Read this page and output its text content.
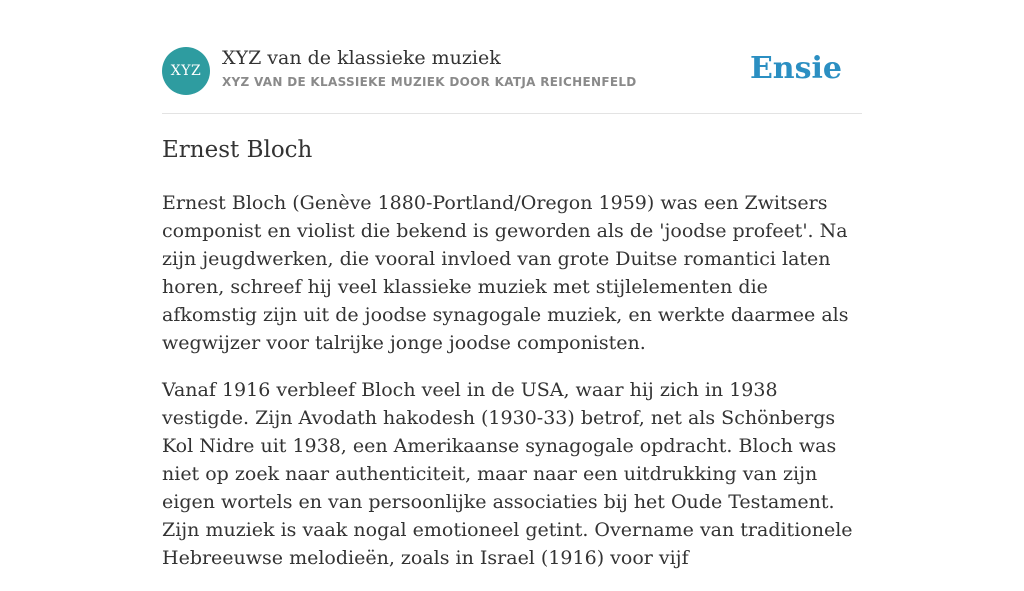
XYZ
XYZ van de klassieke muziek
XYZ VAN DE KLASSIEKE MUZIEK DOOR KATJA REICHENFELD	Ensie
Ernest Bloch

Ernest Bloch (Genève 1880-Portland/Oregon 1959) was een Zwitsers componist en violist die bekend is geworden als de 'joodse profeet'. Na zijn jeugdwerken, die vooral invloed van grote Duitse romantici laten horen, schreef hij veel klassieke muziek met stijlelementen die afkomstig zijn uit de joodse synagogale muziek, en werkte daarmee als wegwijzer voor talrijke jonge joodse componisten.

Vanaf 1916 verbleef Bloch veel in de USA, waar hij zich in 1938 vestigde. Zijn Avodath hakodesh (1930-33) betrof, net als Schönbergs Kol Nidre uit 1938, een Amerikaanse synagogale opdracht. Bloch was niet op zoek naar authenticiteit, maar naar een uitdrukking van zijn eigen wortels en van persoonlijke associaties bij het Oude Testament. Zijn muziek is vaak nogal emotioneel getint. Overname van traditionele Hebreeuwse melodieën, zoals in Israel (1916) voor vijf
